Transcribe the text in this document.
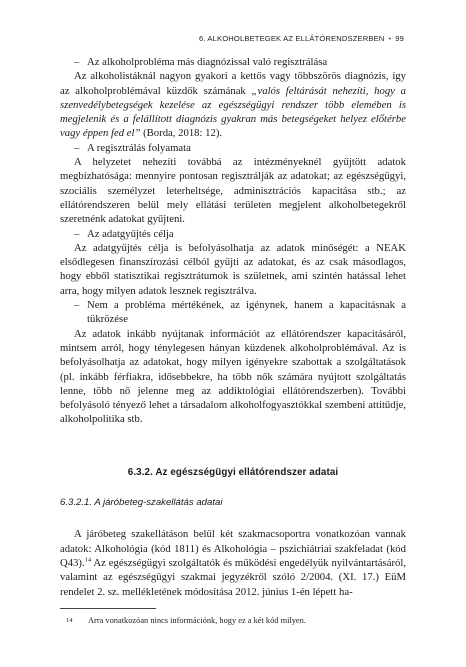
6. ALKOHOLBETEGEK AZ ELLÁTÓRENDSZERBEN • 99
– Az alkoholprobléma más diagnózissal való regisztrálása

Az alkoholistáknál nagyon gyakori a kettős vagy többszörös diagnózis, így az alkoholproblémával küzdők számának „valós feltárását nehezíti, hogy a szenvedélybetegségek kezelése az egészségügyi rendszer több elemében is megjelenik és a felállított diagnózis gyakran más betegségeket helyez előtérbe vagy éppen fed el” (Borda, 2018: 12).

– A regisztrálás folyamata

A helyzetet nehezíti továbbá az intézményeknél gyűjtött adatok megbízhatósága: mennyire pontosan regisztrálják az adatokat; az egészségügyi, szociális személyzet leterheltsége, adminisztrációs kapacitása stb.; az ellátórendszeren belül mely ellátási területen megjelent alkoholbetegekről szeretnénk adatokat gyűjteni.

– Az adatgyűjtés célja

Az adatgyűjtés célja is befolyásolhatja az adatok minőségét: a NEAK elsődlegesen finanszírozási célból gyűjti az adatokat, és az csak másodlagos, hogy ebből statisztikai regisztrátumok is születnek, ami szintén hatással lehet arra, hogy milyen adatok lesznek regisztrálva.

– Nem a probléma mértékének, az igénynek, hanem a kapacitásnak a tükrözése

Az adatok inkább nyújtanak információt az ellátórendszer kapacitásáról, mintsem arról, hogy ténylegesen hányan küzdenek alkoholproblémával. Az is befolyásolhatja az adatokat, hogy milyen igényekre szabottak a szolgáltatások (pl. inkább férfiakra, idősebbekre, ha több nők számára nyújtott szolgáltatás lenne, több nő jelenne meg az addiktológiai ellátórendszerben). További befolyásoló tényező lehet a társadalom alkoholfogyasztókkal szembeni attitűdje, alkoholpolitika stb.

6.3.2. Az egészségügyi ellátórendszer adatai
6.3.2.1. A járóbeteg-szakellátás adatai

A járóbeteg szakellátáson belül két szakmacsoportra vonatkozóan vannak adatok: Alkohológia (kód 1811) és Alkohológia – pszichiátriai szakfeladat (kód Q43).$^{14}$ Az egészségügyi szolgáltatók és működési engedélyük nyilvántartásáról, valamint az egészségügyi szakmai jegyzékről szóló 2/2004. (XI. 17.) EüM rendelet 2. sz. mellékletének módosítása 2012. június 1-én lépett ha-

14 Arra vonatkozóan nincs információnk, hogy ez a két kód milyen.
